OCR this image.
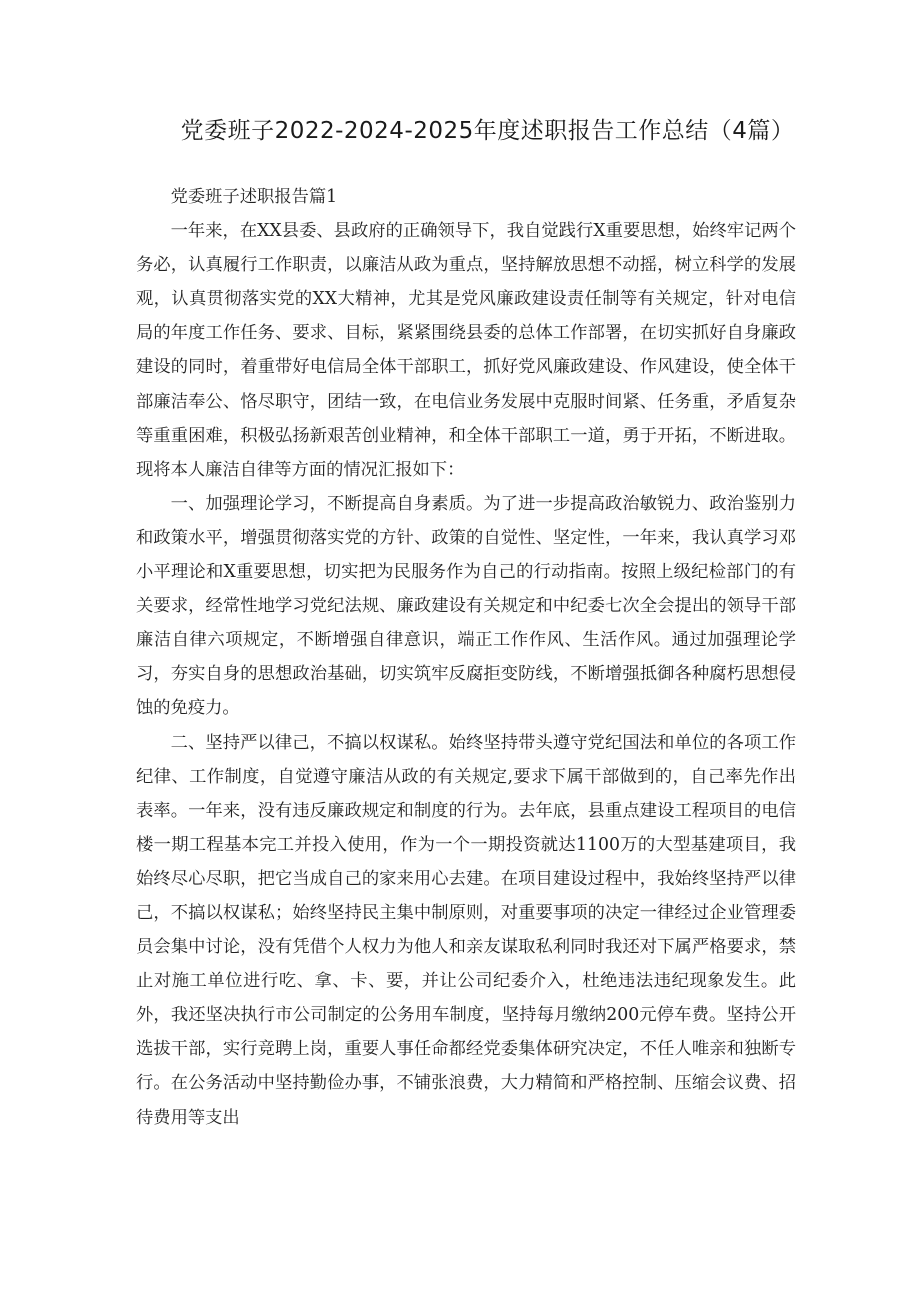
党委班子2022-2024-2025年度述职报告工作总结（4篇）

党委班子述职报告篇1

一年来，在XX县委、县政府的正确领导下，我自觉践行X重要思想，始终牢记两个务必，认真履行工作职责，以廉洁从政为重点，坚持解放思想不动摇，树立科学的发展观，认真贯彻落实党的XX大精神，尤其是党风廉政建设责任制等有关规定，针对电信局的年度工作任务、要求、目标，紧紧围绕县委的总体工作部署，在切实抓好自身廉政建设的同时，着重带好电信局全体干部职工，抓好党风廉政建设、作风建设，使全体干部廉洁奉公、恪尽职守，团结一致，在电信业务发展中克服时间紧、任务重，矛盾复杂等重重困难，积极弘扬新艰苦创业精神，和全体干部职工一道，勇于开拓，不断进取。现将本人廉洁自律等方面的情况汇报如下：

一、加强理论学习，不断提高自身素质。为了进一步提高政治敏锐力、政治鉴别力和政策水平，增强贯彻落实党的方针、政策的自觉性、坚定性，一年来，我认真学习邓小平理论和X重要思想，切实把为民服务作为自己的行动指南。按照上级纪检部门的有关要求，经常性地学习党纪法规、廉政建设有关规定和中纪委七次全会提出的领导干部廉洁自律六项规定，不断增强自律意识，端正工作作风、生活作风。通过加强理论学习，夯实自身的思想政治基础，切实筑牢反腐拒变防线，不断增强抵御各种腐朽思想侵蚀的免疫力。

二、坚持严以律己，不搞以权谋私。始终坚持带头遵守党纪国法和单位的各项工作纪律、工作制度，自觉遵守廉洁从政的有关规定,要求下属干部做到的，自己率先作出表率。一年来，没有违反廉政规定和制度的行为。去年底，县重点建设工程项目的电信楼一期工程基本完工并投入使用，作为一个一期投资就达1100万的大型基建项目，我始终尽心尽职，把它当成自己的家来用心去建。在项目建设过程中，我始终坚持严以律己，不搞以权谋私；始终坚持民主集中制原则，对重要事项的决定一律经过企业管理委员会集中讨论，没有凭借个人权力为他人和亲友谋取私利同时我还对下属严格要求，禁止对施工单位进行吃、拿、卡、要，并让公司纪委介入，杜绝违法违纪现象发生。此外，我还坚决执行市公司制定的公务用车制度，坚持每月缴纳200元停车费。坚持公开选拔干部，实行竞聘上岗，重要人事任命都经党委集体研究决定，不任人唯亲和独断专行。在公务活动中坚持勤俭办事，不铺张浪费，大力精简和严格控制、压缩会议费、招待费用等支出
